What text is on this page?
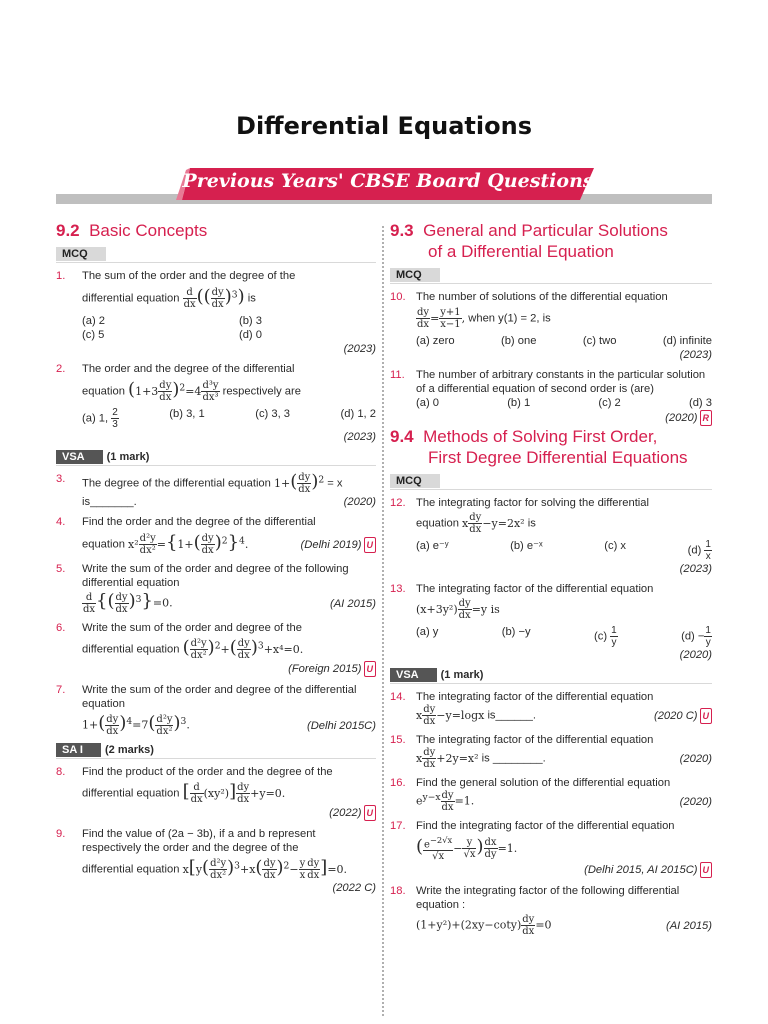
Differential Equations
Previous Years' CBSE Board Questions
9.2 Basic Concepts
MCQ
1. The sum of the order and the degree of the
differential equation $\frac{d}{dx}$ (( $\frac{dy}{dx} )^3$) is
(a) 2	(b) 3
(c) 5	(d) 0
(2023)
2. The order and the degree of the differential
equation $(1+3 \frac{dy}{dx} )^2=4 \frac{\text{d³y}}{\text{dx³}}$ respectively are
(a) 1, $\frac{2}{3}$	(b) 3, 1	(c) 3, 3	(d) 1, 2
(2023)
VSA (1 mark)
3. The degree of the differential equation $1+( \frac{dy}{dx} )^2 = x$
is_______.	(2020)
4. Find the order and the degree of the differential
equation $x^2 \frac{\text{d²y}}{\text{dx²}} =\{1+( \frac{dy}{dx} )^2\}^4$.	(Delhi 2019) U
5. Write the sum of the order and degree of the following differential equation
$\frac{d}{dx}$ {( $\frac{dy}{dx} )^3\}=0$.	(AI 2015)
6. Write the sum of the order and degree of the
differential equation ( $\frac{\text{d²y}}{\text{dx²}} )^2+( \frac{dy}{dx} )^3+x^4=0$.
(Foreign 2015) U
7. Write the sum of the order and degree of the differential equation
$1+( \frac{dy}{dx} )^4=7( \frac{\text{d²y}}{\text{dx²}} )^3$.	(Delhi 2015C)
SA I (2 marks)
8. Find the product of the order and the degree of the
differential equation [ $\frac{d}{dx} (xy^2)] \frac{dy}{dx} +y=0$.
(2022) U
9. Find the value of (2a − 3b), if a and b represent respectively the order and the degree of the
differential equation $x[y( \frac{\text{d²y}}{\text{dx²}} )^3+x( \frac{dy}{dx} )^2- \frac{y}{x} \frac{dy}{dx} ]=0$.
(2022 C)
9.3 General and Particular Solutions
of a Differential Equation
MCQ
10. The number of solutions of the differential equation
$\frac{dy}{dx} = \frac{y+1}{x-1}$ , when y(1) = 2, is
(a) zero	(b) one	(c) two	(d) infinite
(2023)
11. The number of arbitrary constants in the particular solution of a differential equation of second order is (are)
(a) 0	(b) 1	(c) 2	(d) 3
(2020) R
9.4 Methods of Solving First Order,
First Degree Differential Equations
MCQ
12. The integrating factor for solving the differential
equation x $\frac{dy}{dx} -y=2x^2$ is
(a) e⁻ʸ	(b) e⁻ˣ	(c) x	$(d) \frac{1}{x}$
(2023)
13. The integrating factor of the differential equation
$(x+3y^2) \frac{dy}{dx} =y$ is
(a) y	(b) −y	$(c) \frac{1}{y}$	$(d) - \frac{1}{y}$
(2020)
VSA (1 mark)
14. The integrating factor of the differential equation
x $\frac{dy}{dx} -y=\log x$ is______.	(2020 C) U
15. The integrating factor of the differential equation
x $\frac{dy}{dx} +2y=x^2$ is ________.	(2020)
16. Find the general solution of the differential equation
$e^{y-x} \frac{dy}{dx} =1$.	(2020)
17. Find the integrating factor of the differential equation
( $\frac{e^{-2√x}}{√x} - \frac{y}{√x}$ ) $\frac{dx}{dy} =1$.
(Delhi 2015, AI 2015C) U
18. Write the integrating factor of the following differential equation :
$(1+y^2)+(2xy-\cot y) \frac{dy}{dx} =0$	(AI 2015)
